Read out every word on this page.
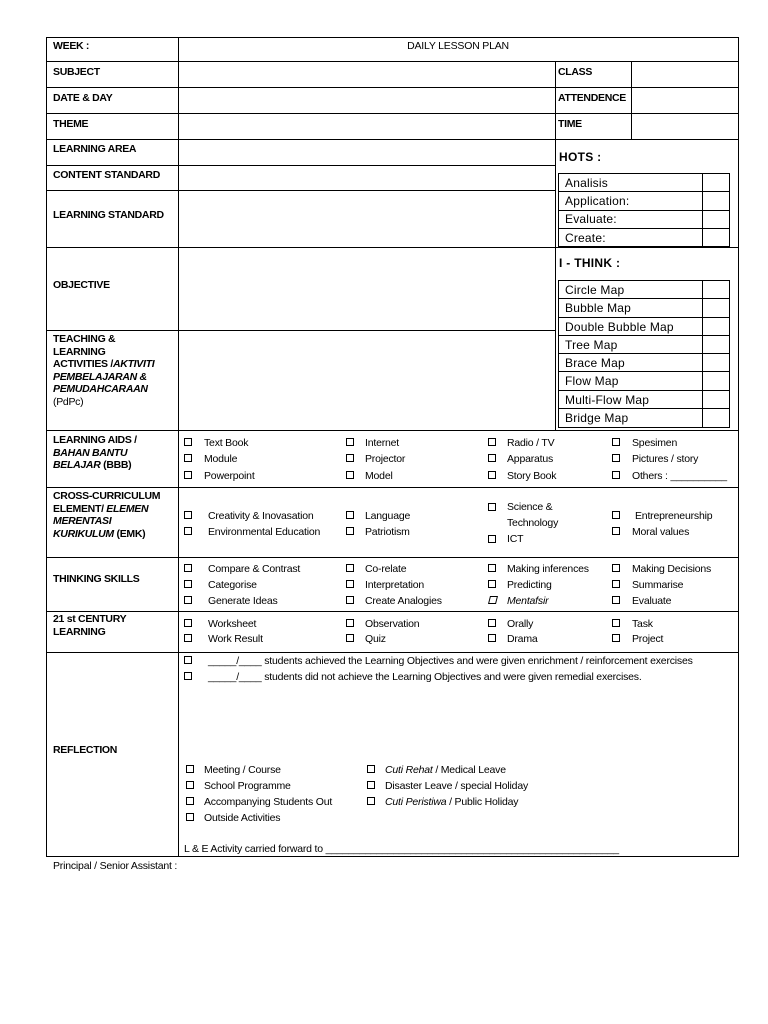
WEEK :	DAILY LESSON PLAN
CLASS
ATTENDENCE
TIME
SUBJECT
DATE & DAY
THEME
LEARNING AREA
CONTENT STANDARD
LEARNING STANDARD
OBJECTIVE
TEACHING &
LEARNING
ACTIVITIES /AKTIVITI
PEMBELAJARAN &
PEMUDAHCARAAN
(PdPc)
LEARNING AIDS /
BAHAN BANTU
BELAJAR (BBB)
CROSS-CURRICULUM
ELEMENT/ ELEMEN
MERENTASI
KURIKULUM (EMK)
THINKING SKILLS
21 st CENTURY
LEARNING
REFLECTION
HOTS :
Analisis
Application:
Evaluate:
Create:
I - THINK :
Circle Map
Bubble Map
Double Bubble Map
Tree Map
Brace Map
Flow Map
Multi-Flow Map
Bridge Map
Text Book
Module
Powerpoint
Internet
Projector
Model
Radio / TV
Apparatus
Story Book
Spesimen
Pictures / story
Others : __________
Creativity & Inovasation
Environmental Education
Language
Patriotism
Science &
Technology
ICT
Entrepreneurship
Moral values
Compare & Contrast
Categorise
Generate Ideas
Co-relate
Interpretation
Create Analogies
Making inferences
Predicting
Mentafsir
Making Decisions
Summarise
Evaluate
Worksheet
Work Result
Observation
Quiz
Orally
Drama
Task
Project
_____/____ students achieved the Learning Objectives and were given enrichment / reinforcement exercises
_____/____ students did not achieve the Learning Objectives and were given remedial exercises.
Meeting / Course
School Programme
Accompanying Students Out
Outside Activities
Cuti Rehat / Medical Leave
Disaster Leave / special Holiday
Cuti Peristiwa / Public Holiday
L & E Activity carried forward to ____________________________________________________
Principal / Senior Assistant :
